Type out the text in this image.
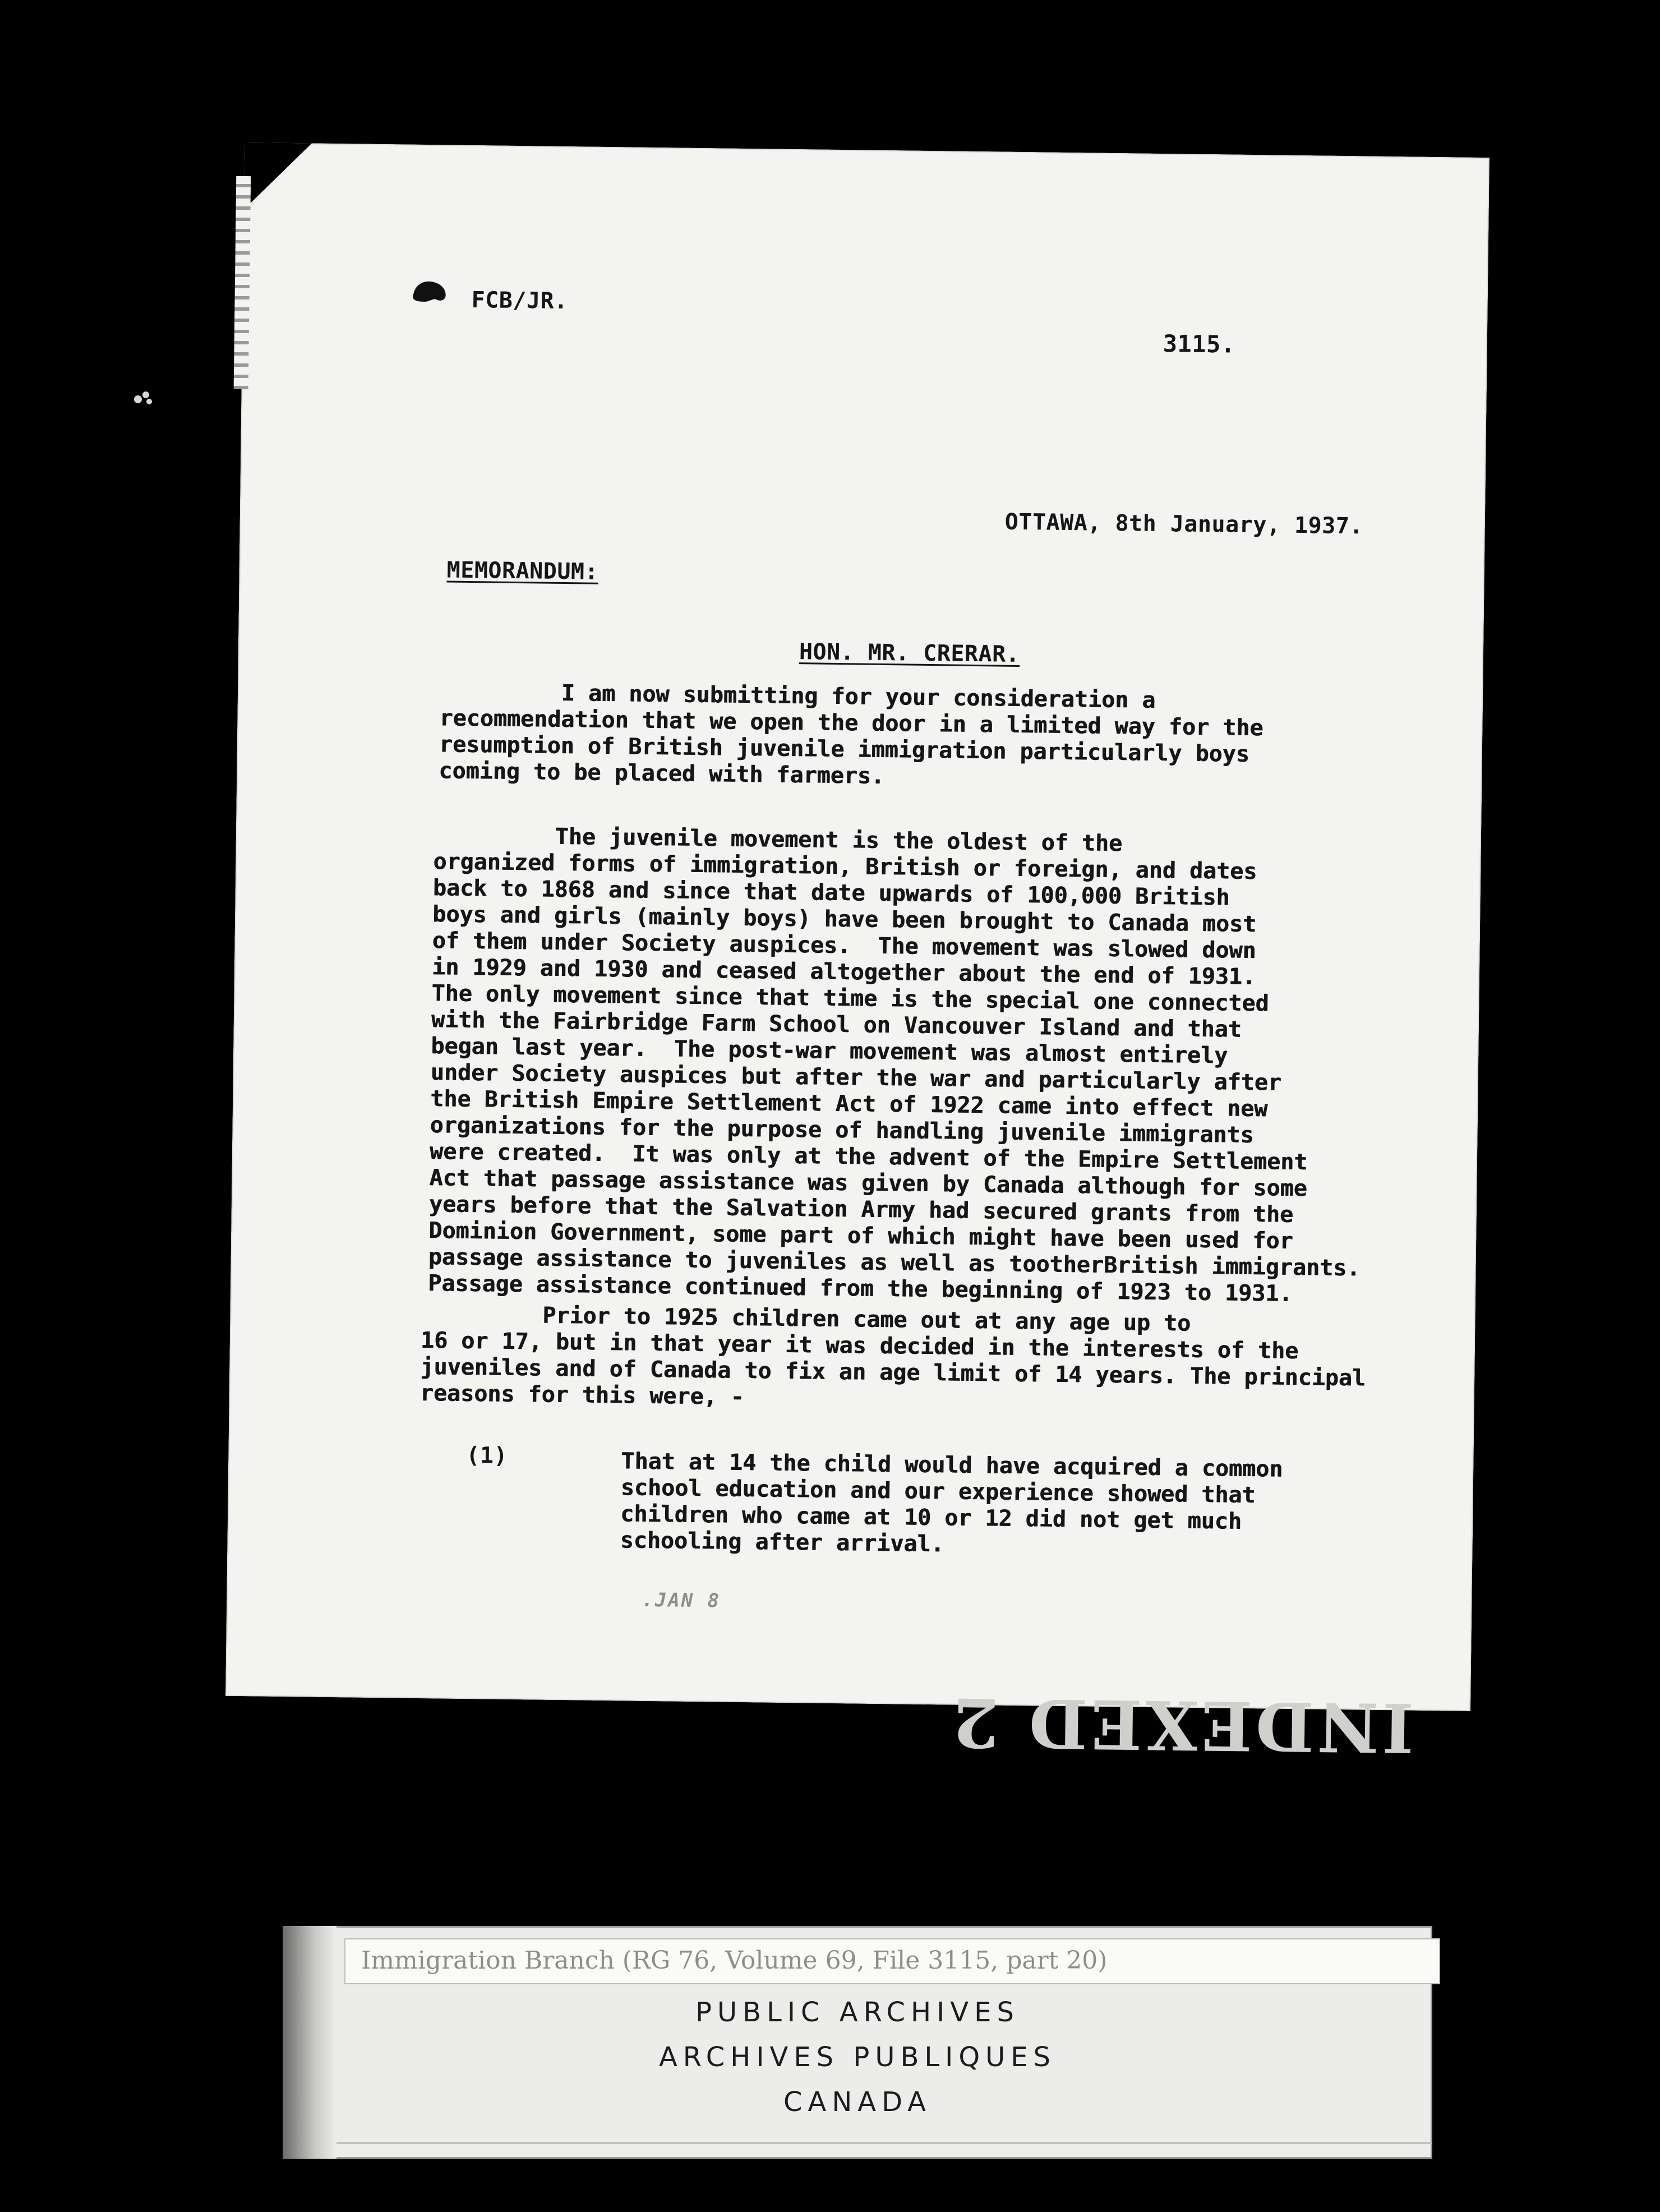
FCB/JR.
3115.
OTTAWA, 8th January, 1937.
MEMORANDUM:
HON. MR. CRERAR.
I am now submitting for your consideration a
recommendation that we open the door in a limited way for the
resumption of British juvenile immigration particularly boys
coming to be placed with farmers.
The juvenile movement is the oldest of the
organized forms of immigration, British or foreign, and dates
back to 1868 and since that date upwards of 100,000 British
boys and girls (mainly boys) have been brought to Canada most
of them under Society auspices.  The movement was slowed down
in 1929 and 1930 and ceased altogether about the end of 1931.
The only movement since that time is the special one connected
with the Fairbridge Farm School on Vancouver Island and that
began last year.  The post-war movement was almost entirely
under Society auspices but after the war and particularly after
the British Empire Settlement Act of 1922 came into effect new
organizations for the purpose of handling juvenile immigrants
were created.  It was only at the advent of the Empire Settlement
Act that passage assistance was given by Canada although for some
years before that the Salvation Army had secured grants from the
Dominion Government, some part of which might have been used for
passage assistance to juveniles as well as tootherBritish immigrants.
Passage assistance continued from the beginning of 1923 to 1931.
Prior to 1925 children came out at any age up to
16 or 17, but in that year it was decided in the interests of the
juveniles and of Canada to fix an age limit of 14 years. The principal
reasons for this were, -
(1)	That at 14 the child would have acquired a common
school education and our experience showed that
children who came at 10 or 12 did not get much
schooling after arrival.
.JAN 8
INDEXED 2
Immigration Branch (RG 76, Volume 69, File 3115, part 20)
PUBLIC ARCHIVES
ARCHIVES PUBLIQUES
CANADA
